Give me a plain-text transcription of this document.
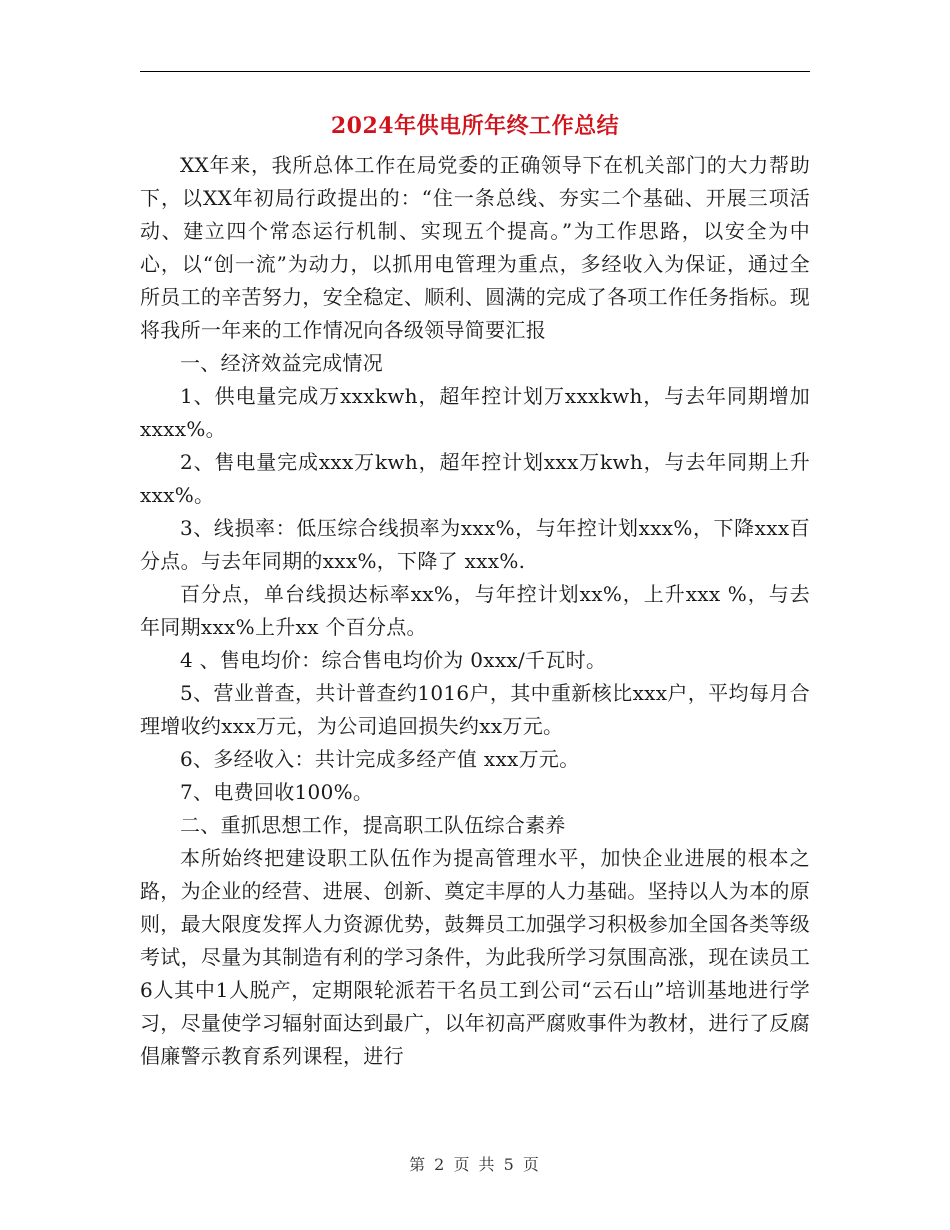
2024年供电所年终工作总结

XX年来，我所总体工作在局党委的正确领导下在机关部门的大力帮助下，以XX年初局行政提出的：“住一条总线、夯实二个基础、开展三项活动、建立四个常态运行机制、实现五个提高。”为工作思路，以安全为中心，以“创一流”为动力，以抓用电管理为重点，多经收入为保证，通过全所员工的辛苦努力，安全稳定、顺利、圆满的完成了各项工作任务指标。现将我所一年来的工作情况向各级领导简要汇报

一、经济效益完成情况

1、供电量完成万xxxkwh，超年控计划万xxxkwh，与去年同期增加xxxx%。

2、售电量完成xxx万kwh，超年控计划xxx万kwh，与去年同期上升xxx%。

3、线损率：低压综合线损率为xxx%，与年控计划xxx%，下降xxx百分点。与去年同期的xxx%，下降了 xxx%.

百分点，单台线损达标率xx%，与年控计划xx%，上升xxx %，与去年同期xxx%上升xx 个百分点。

4 、售电均价：综合售电均价为 0xxx/千瓦时。

5、营业普查，共计普查约1016户，其中重新核比xxx户，平均每月合理增收约xxx万元，为公司追回损失约xx万元。

6、多经收入：共计完成多经产值 xxx万元。

7、电费回收100%。

二、重抓思想工作，提高职工队伍综合素养

本所始终把建设职工队伍作为提高管理水平，加快企业进展的根本之路，为企业的经营、进展、创新、奠定丰厚的人力基础。坚持以人为本的原则，最大限度发挥人力资源优势，鼓舞员工加强学习积极参加全国各类等级考试，尽量为其制造有利的学习条件，为此我所学习氛围高涨，现在读员工6人其中1人脱产，定期限轮派若干名员工到公司“云石山”培训基地进行学习，尽量使学习辐射面达到最广，以年初高严腐败事件为教材，进行了反腐倡廉警示教育系列课程，进行

第 2 页 共 5 页
